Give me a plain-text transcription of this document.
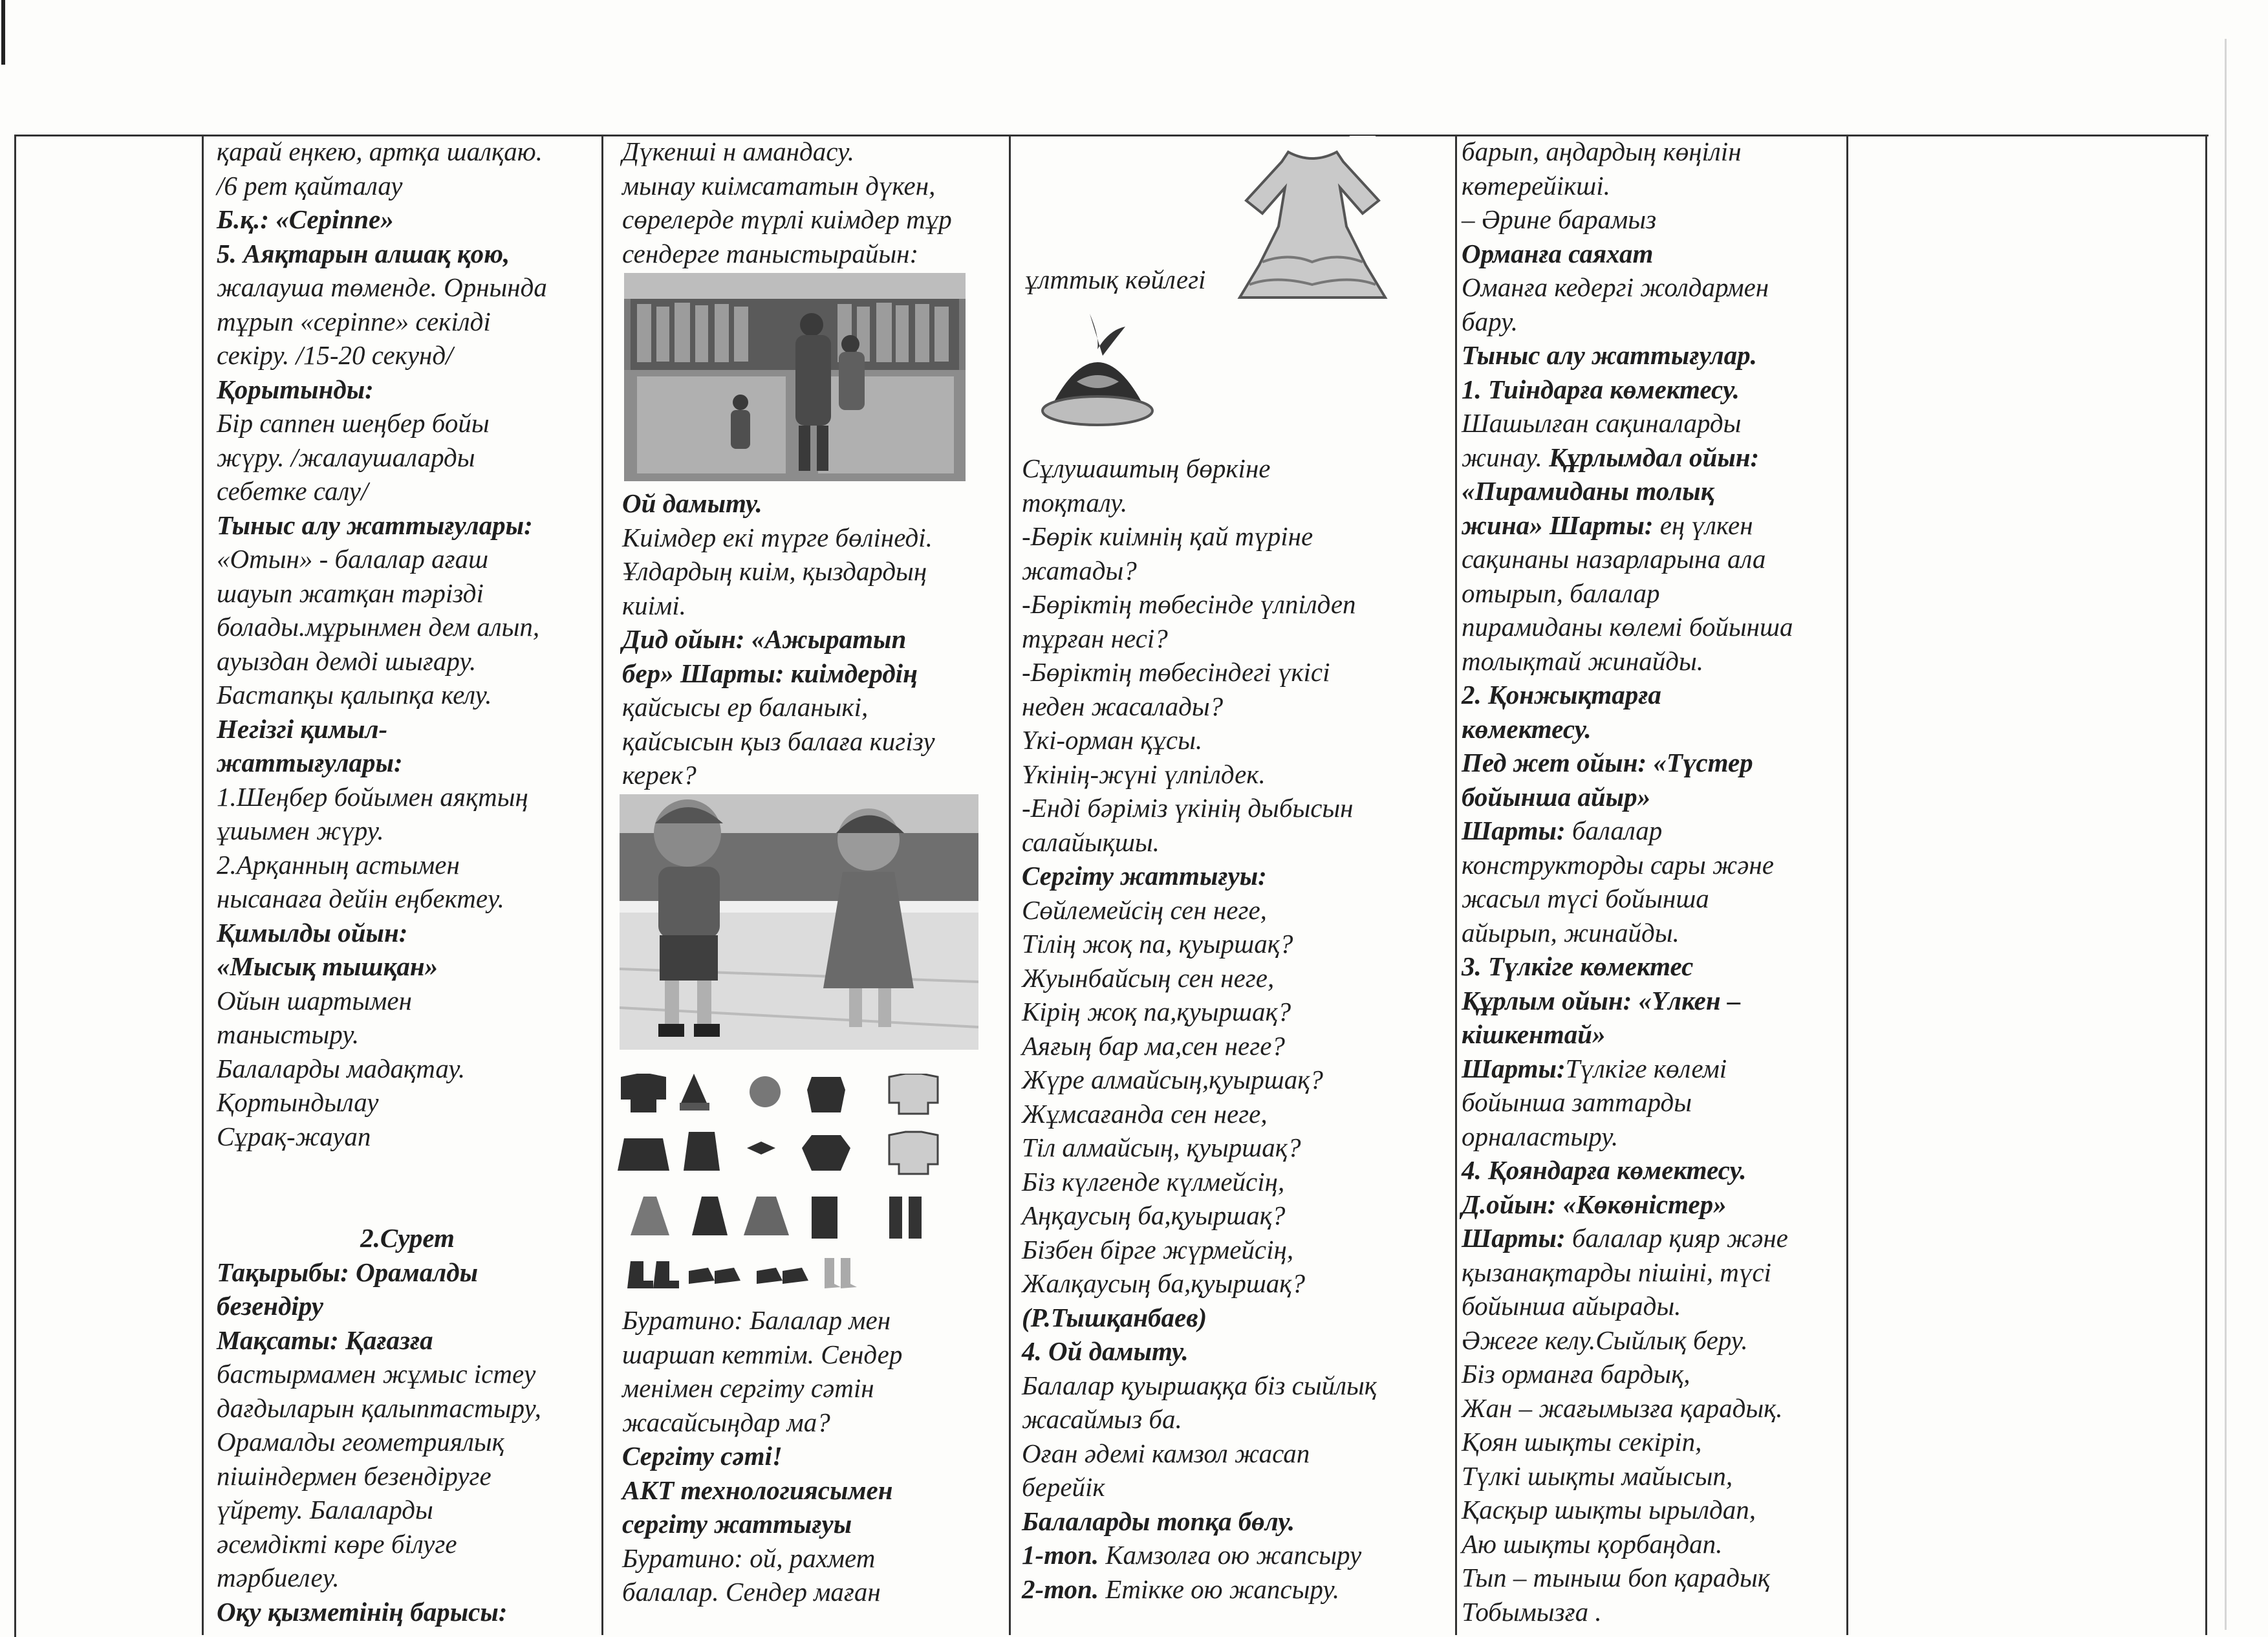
қарай еңкею, артқа шалқаю.
/6 рет қайталау
Б.қ.: «Серіппе»
5. Аяқтарын алшақ қою,
жалауша төменде. Орнында
тұрып «серіппе» секілді
секіру. /15-20 секунд/
Қорытынды:
Бір саппен шеңбер бойы
жүру. /жалаушаларды
себетке салу/
Тыныс алу жаттығулары:
«Отын» - балалар ағаш
шауып жатқан тәрізді
болады.мұрынмен дем алып,
ауыздан демді шығару.
Бастапқы қалыпқа келу.
Негізгі қимыл-
жаттығулары:
1.Шеңбер бойымен аяқтың
ұшымен жүру.
2.Арқанның астымен
нысанаға дейін еңбектеу.
Қимылды ойын:
«Мысық тышқан»
Ойын шартымен
таныстыру.
Балаларды мадақтау.
Қортындылау
Сұрақ-жауап

2.Сурет
Тақырыбы: Орамалды
безендіру
Мақсаты: Қағазға
бастырмамен жұмыс істеу
дағдыларын қалыптастыру,
Орамалды геометриялық
пішіндермен безендіруге
үйрету. Балаларды
әсемдікті көре білуге
тәрбиелеу.
Оқу қызметінің барысы:
Дүкенші н амандасу.
мынау киімсататын дүкен,
сөрелерде түрлі киімдер тұр
сендерге таныстырайын:
Ой дамыту.
Киімдер екі түрге бөлінеді.
Ұлдардың киім, қыздардың
киімі.
Дид ойын: «Ажыратып
бер» Шарты: киімдердің
қайсысы ер баланыкі,
қайсысын қыз балаға кигізу
керек?
Буратино: Балалар мен
шаршап кеттім. Сендер
менімен сергіту сәтін
жасайсыңдар ма?
Сергіту сәті!
АКТ технологиясымен
сергіту жаттығуы
Буратино: ой, рахмет
балалар. Сендер маған
ұлттық көйлегі
Сұлушаштың бөркіне
тоқталу.
-Бөрік киімнің қай түріне
жатады?
-Бөріктің төбесінде үлпілдеп
тұрған несі?
-Бөріктің төбесіндегі үкісі
неден жасалады?
Үкі-орман құсы.
Үкінің-жүні үлпілдек.
-Енді бәріміз үкінің дыбысын
салайықшы.
Сергіту жаттығуы:
Сөйлемейсің сен неге,
Тілің жоқ па, қуыршақ?
Жуынбайсың сен неге,
Кірің жоқ па,қуыршақ?
Аяғың бар ма,сен неге?
Жүре алмайсың,қуыршақ?
Жұмсағанда сен неге,
Тіл алмайсың, қуыршақ?
Біз күлгенде күлмейсің,
Аңқаусың ба,қуыршақ?
Бізбен бірге жүрмейсің,
Жалқаусың ба,қуыршақ?
(Р.Тышқанбаев)
4. Ой дамыту.
Балалар қуыршаққа біз сыйлық
жасаймыз ба.
Оған әдемі камзол жасап
берейік
Балаларды топқа бөлу.
1-топ. Камзолға ою жапсыру
2-топ. Етікке ою жапсыру.
барып, аңдардың көңілін
көтерейікші.
– Әрине барамыз
Орманға саяхат
Оманға кедергі жолдармен
бару.
Тыныс алу жаттығулар.
1. Тиіндарға көмектесу.
Шашылған сақиналарды
жинау. Құрлымдал ойын:
«Пирамиданы толық
жина» Шарты: ең үлкен
сақинаны назарларына ала
отырып, балалар
пирамиданы көлемі бойынша
толықтай жинайды.
2. Қонжықтарға
көмектесу.
Пед жет ойын: «Түстер
бойынша айыр»
Шарты: балалар
конструкторды сары және
жасыл түсі бойынша
айырып, жинайды.
3. Түлкіге көмектес
Құрлым ойын: «Үлкен –
кішкентай»
Шарты:Түлкіге көлемі
бойынша заттарды
орналастыру.
4. Қояндарға көмектесу.
Д.ойын: «Көкөністер»
Шарты: балалар қияр және
қызанақтарды пішіні, түсі
бойынша айырады.
Әжеге келу.Сыйлық беру.
Біз орманға бардық,
Жан – жағымызға қарадық.
Қоян шықты секіріп,
Түлкі шықты майысып,
Қасқыр шықты ырылдап,
Аю шықты қорбаңдап.
Тып – тыныш боп қарадық
Тобымызға .
